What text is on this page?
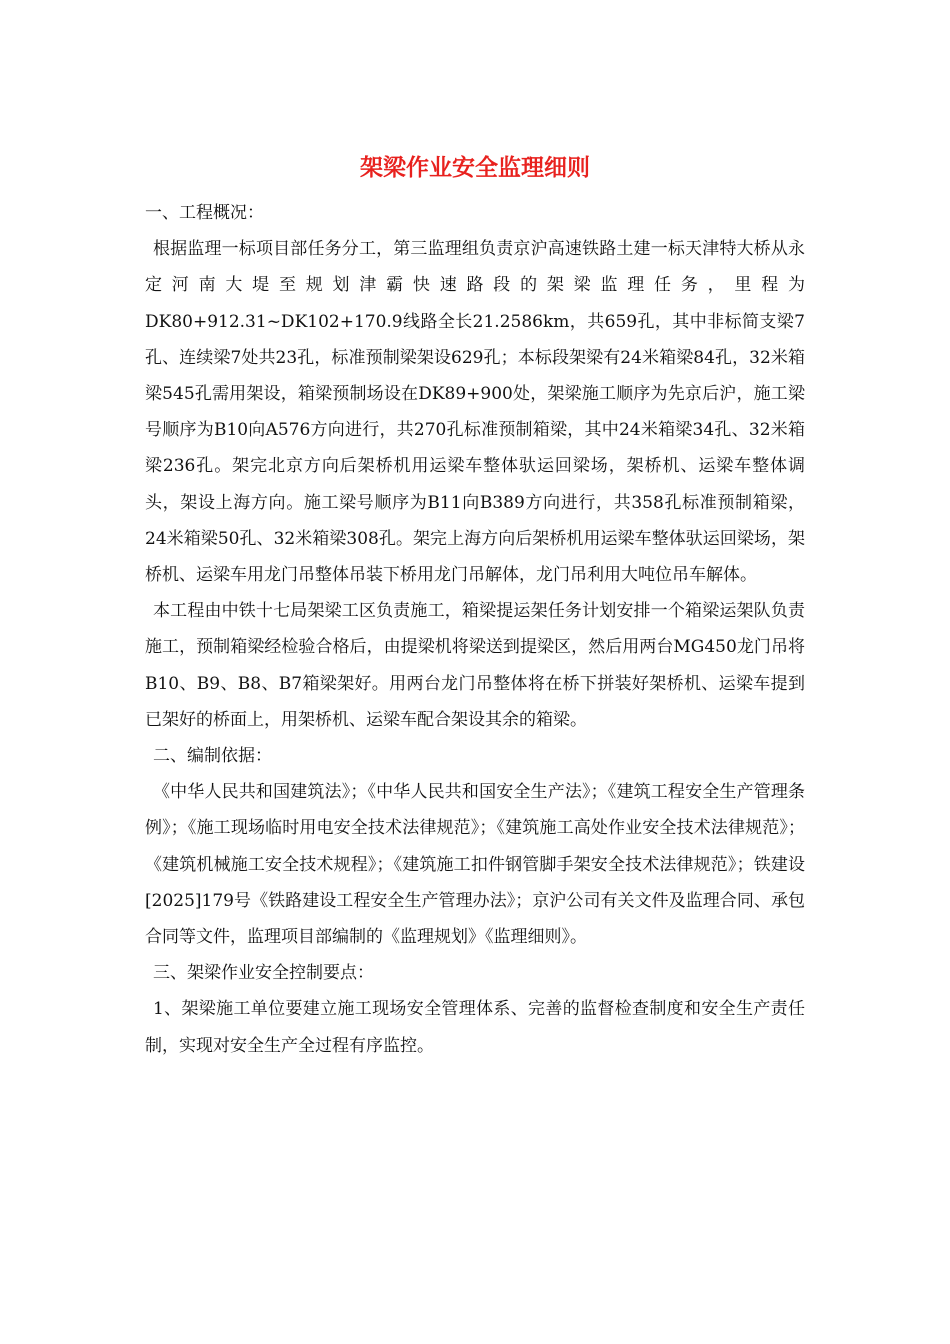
架梁作业安全监理细则

一、工程概况：

根据监理一标项目部任务分工，第三监理组负责京沪高速铁路土建一标天津特大桥从永定河南大堤至规划津霸快速路段的架梁监理任务，里程为DK80+912.31~DK102+170.9线路全长21.2586km，共659孔，其中非标简支梁7孔、连续梁7处共23孔，标准预制梁架设629孔；本标段架梁有24米箱梁84孔，32米箱梁545孔需用架设，箱梁预制场设在DK89+900处，架梁施工顺序为先京后沪，施工梁号顺序为B10向A576方向进行，共270孔标准预制箱梁，其中24米箱梁34孔、32米箱梁236孔。架完北京方向后架桥机用运梁车整体驮运回梁场，架桥机、运梁车整体调头，架设上海方向。施工梁号顺序为B11向B389方向进行，共358孔标准预制箱梁， 24米箱梁50孔、32米箱梁308孔。架完上海方向后架桥机用运梁车整体驮运回梁场，架桥机、运梁车用龙门吊整体吊装下桥用龙门吊解体，龙门吊利用大吨位吊车解体。

本工程由中铁十七局架梁工区负责施工，箱梁提运架任务计划安排一个箱梁运架队负责施工，预制箱梁经检验合格后，由提梁机将梁送到提梁区，然后用两台MG450龙门吊将B10、B9、B8、B7箱梁架好。用两台龙门吊整体将在桥下拼装好架桥机、运梁车提到已架好的桥面上，用架桥机、运梁车配合架设其余的箱梁。

二、编制依据：

《中华人民共和国建筑法》；《中华人民共和国安全生产法》；《建筑工程安全生产管理条例》；《施工现场临时用电安全技术法律规范》；《建筑施工高处作业安全技术法律规范》；《建筑机械施工安全技术规程》；《建筑施工扣件钢管脚手架安全技术法律规范》；铁建设[2025]179号《铁路建设工程安全生产管理办法》；京沪公司有关文件及监理合同、承包合同等文件，监理项目部编制的《监理规划》《监理细则》。

三、架梁作业安全控制要点：

1、架梁施工单位要建立施工现场安全管理体系、完善的监督检查制度和安全生产责任制，实现对安全生产全过程有序监控。
